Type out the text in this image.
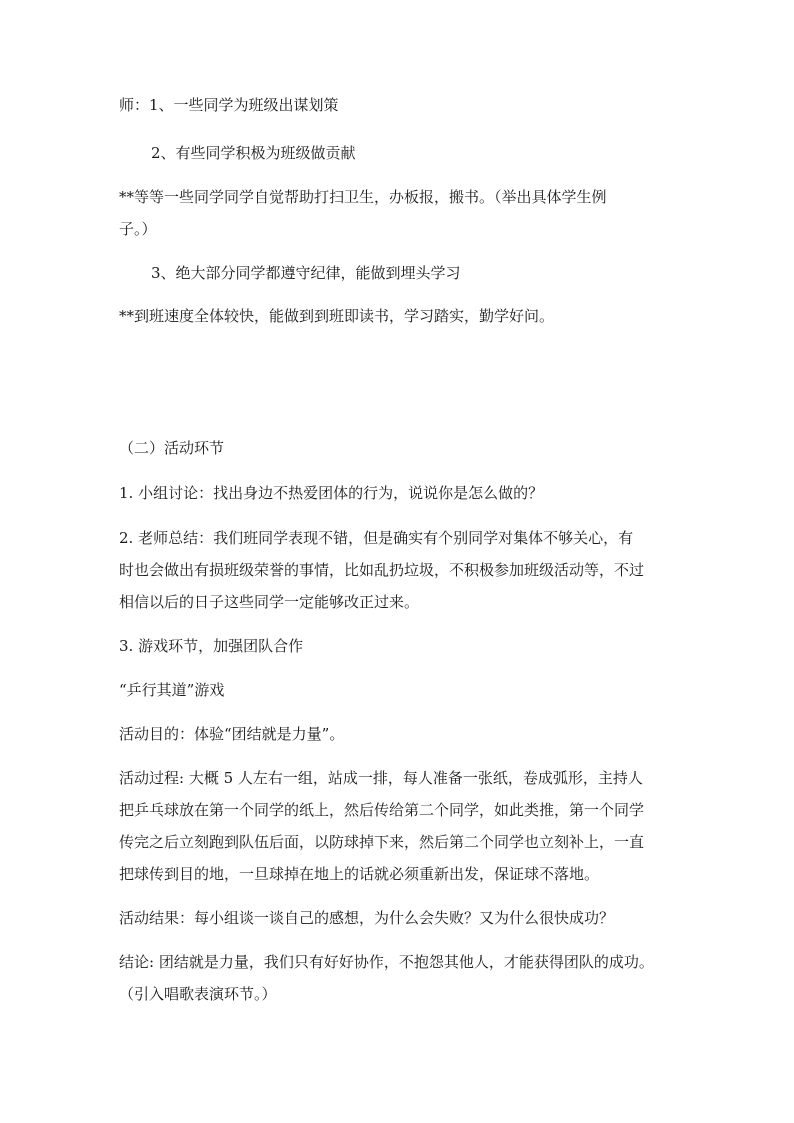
师：1、一些同学为班级出谋划策
2、有些同学积极为班级做贡献
**等等一些同学同学自觉帮助打扫卫生，办板报，搬书。（举出具体学生例
子。）
3、绝大部分同学都遵守纪律，能做到埋头学习
**到班速度全体较快，能做到到班即读书，学习踏实，勤学好问。
（二）活动环节
1. 小组讨论：找出身边不热爱团体的行为，说说你是怎么做的？
2. 老师总结：我们班同学表现不错，但是确实有个别同学对集体不够关心，有
时也会做出有损班级荣誉的事情，比如乱扔垃圾，不积极参加班级活动等，不过
相信以后的日子这些同学一定能够改正过来。
3. 游戏环节，加强团队合作
“乒行其道”游戏
活动目的：体验“团结就是力量”。
活动过程: 大概 5 人左右一组，站成一排，每人准备一张纸，卷成弧形，主持人
把乒乓球放在第一个同学的纸上，然后传给第二个同学，如此类推，第一个同学
传完之后立刻跑到队伍后面，以防球掉下来，然后第二个同学也立刻补上，一直
把球传到目的地，一旦球掉在地上的话就必须重新出发，保证球不落地。
活动结果：每小组谈一谈自己的感想，为什么会失败？又为什么很快成功？
结论: 团结就是力量，我们只有好好协作，不抱怨其他人，才能获得团队的成功。
（引入唱歌表演环节。）
